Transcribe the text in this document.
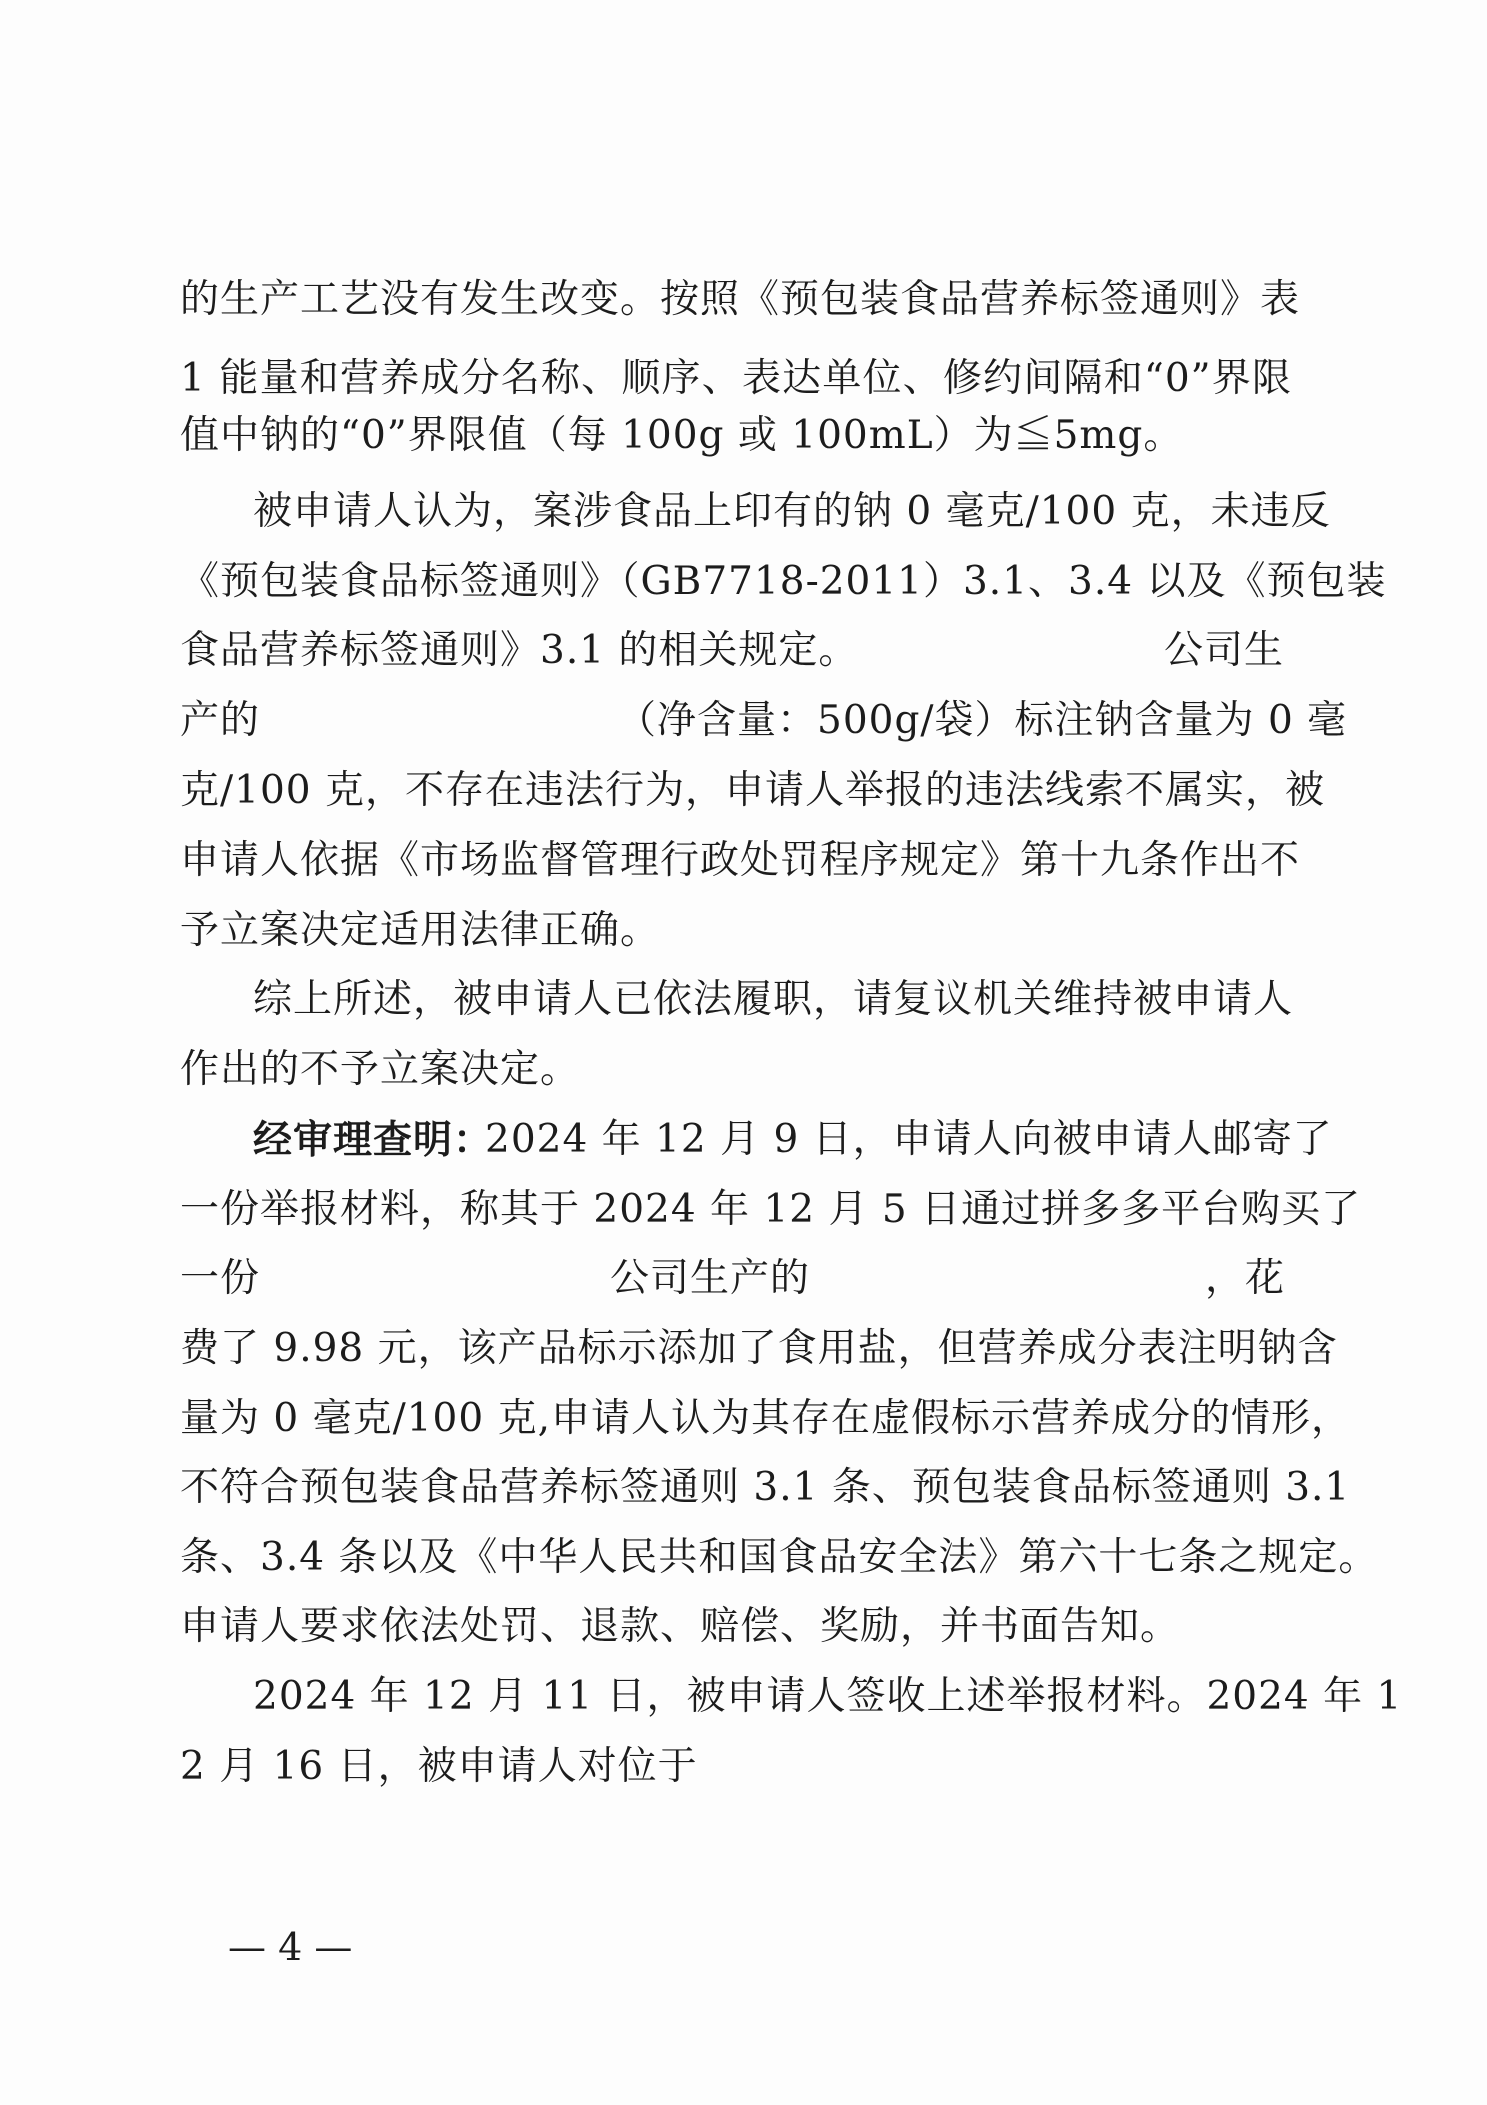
的生产工艺没有发生改变。按照《预包装食品营养标签通则》表
1 能量和营养成分名称、顺序、表达单位、修约间隔和“0”界限
值中钠的“0”界限值（每 100g 或 100mL）为≦5mg。
被申请人认为，案涉食品上印有的钠 0 毫克/100 克，未违反
《预包装食品标签通则》（GB7718-2011）3.1、3.4 以及《预包装
食品营养标签通则》3.1 的相关规定。	公司生
产的	（净含量：500g/袋）标注钠含量为 0 毫
克/100 克，不存在违法行为，申请人举报的违法线索不属实，被
申请人依据《市场监督管理行政处罚程序规定》第十九条作出不
予立案决定适用法律正确。
综上所述，被申请人已依法履职，请复议机关维持被申请人
作出的不予立案决定。
经审理查明：
2024 年 12 月 9 日，申请人向被申请人邮寄了
一份举报材料，称其于 2024 年 12 月 5 日通过拼多多平台购买了
一份	公司生产的	，花
费了 9.98 元，该产品标示添加了食用盐，但营养成分表注明钠含
量为 0 毫克/100 克,申请人认为其存在虚假标示营养成分的情形，
不符合预包装食品营养标签通则 3.1 条、预包装食品标签通则 3.1
条、3.4 条以及《中华人民共和国食品安全法》第六十七条之规定。
申请人要求依法处罚、退款、赔偿、奖励，并书面告知。
2024 年 12 月 11 日，被申请人签收上述举报材料。2024 年 1
2 月 16 日，被申请人对位于
— 4 —
